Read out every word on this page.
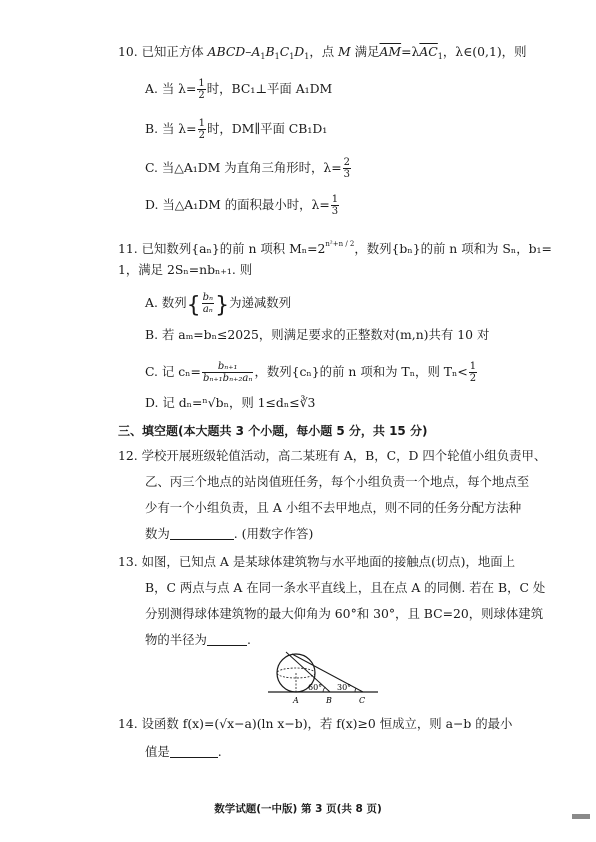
10. 已知正方体 ABCD–$A_1B_1C_1D_1$，点 M 满足$\overline{AM}=\lambda\overline{AC}_1$，λ∈(0,1)，则
A. 当 $\lambda= \frac{1}{2}$ 时，BC₁⊥平面 A₁DM
B. 当 $\lambda= \frac{1}{2}$ 时，DM∥平面 CB₁D₁
C. 当△A₁DM 为直角三角形时，$\lambda= \frac{2}{3}$
D. 当△A₁DM 的面积最小时，$\lambda= \frac{1}{3}$
11. 已知数列{aₙ}的前 n 项积 $M_n=2^{n^2+n / 2}$，数列{bₙ}的前 n 项和为 Sₙ，b₁=
1，满足 2Sₙ=nbₙ₊₁. 则
A. 数列{ $\frac{\text{bₙ}}{\text{aₙ}}$ }为递减数列
B. 若 aₘ=bₙ≤2025，则满足要求的正整数对(m,n)共有 10 对
C. 记 $c_n= \frac{\text{bₙ₊₁}}{\text{bₙ₊₁bₙ₊₂aₙ}}$ ，数列{cₙ}的前 n 项和为 Tₙ，则 $T_n< \frac{1}{2}$
D. 记 dₙ=ⁿ√bₙ，则 1≤dₙ≤∛3
三、填空题(本大题共 3 个小题，每小题 5 分，共 15 分)
12. 学校开展班级轮值活动，高二某班有 A，B，C，D 四个轮值小组负责甲、
乙、丙三个地点的站岗值班任务，每个小组负责一个地点，每个地点至
少有一个小组负责，且 A 小组不去甲地点，则不同的任务分配方法种
数为	. (用数字作答)
13. 如图，已知点 A 是某球体建筑物与水平地面的接触点(切点)，地面上
B，C 两点与点 A 在同一条水平直线上，且在点 A 的同侧. 若在 B，C 处
分别测得球体建筑物的最大仰角为 60°和 30°，且 BC=20，则球体建筑
物的半径为	.
60° 30°
A	B	C
14. 设函数 f(x)=(√x−a)(ln x−b)，若 f(x)≥0 恒成立，则 a−b 的最小
值是	.
数学试题(一中版) 第 3 页(共 8 页)
